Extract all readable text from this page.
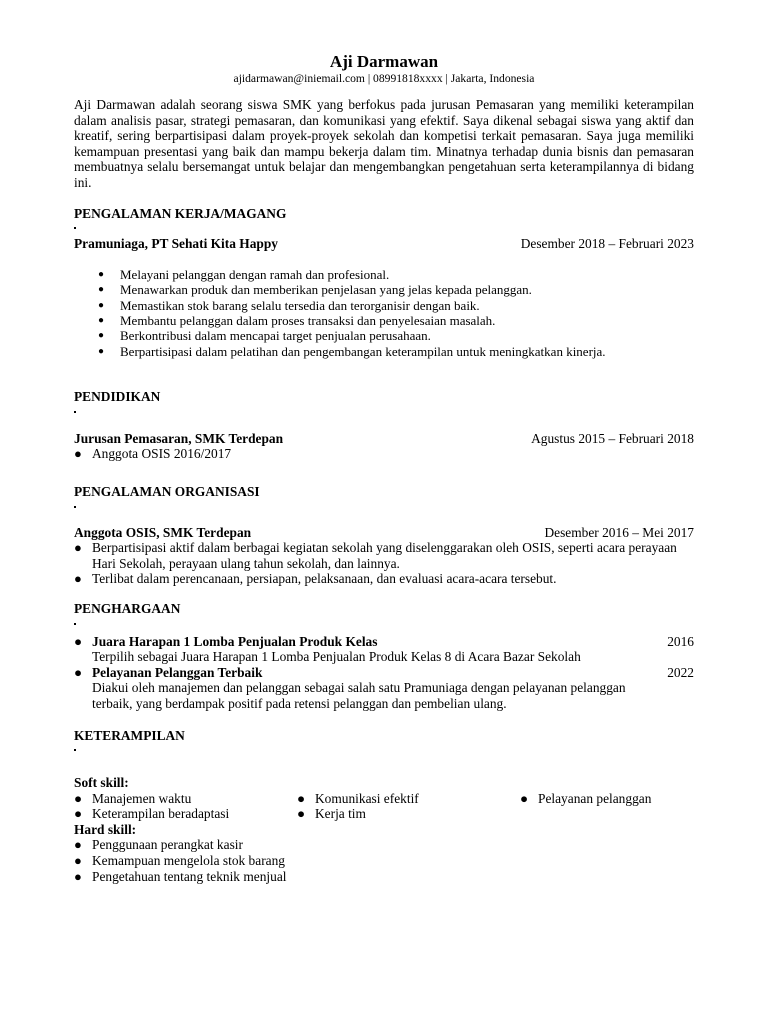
Aji Darmawan

ajidarmawan@iniemail.com | 08991818xxxx | Jakarta, Indonesia

Aji Darmawan adalah seorang siswa SMK yang berfokus pada jurusan Pemasaran yang memiliki keterampilan dalam analisis pasar, strategi pemasaran, dan komunikasi yang efektif. Saya dikenal sebagai siswa yang aktif dan kreatif, sering berpartisipasi dalam proyek-proyek sekolah dan kompetisi terkait pemasaran. Saya juga memiliki kemampuan presentasi yang baik dan mampu bekerja dalam tim. Minatnya terhadap dunia bisnis dan pemasaran membuatnya selalu bersemangat untuk belajar dan mengembangkan pengetahuan serta keterampilannya di bidang ini.

PENGALAMAN KERJA/MAGANG

Pramuniaga, PT Sehati Kita Happy	Desember 2018 – Februari 2023
● Melayani pelanggan dengan ramah dan profesional.
● Menawarkan produk dan memberikan penjelasan yang jelas kepada pelanggan.
● Memastikan stok barang selalu tersedia dan terorganisir dengan baik.
● Membantu pelanggan dalam proses transaksi dan penyelesaian masalah.
● Berkontribusi dalam mencapai target penjualan perusahaan.
● Berpartisipasi dalam pelatihan dan pengembangan keterampilan untuk meningkatkan kinerja.

PENDIDIKAN

Jurusan Pemasaran, SMK Terdepan	Agustus 2015 – Februari 2018
● Anggota OSIS 2016/2017

PENGALAMAN ORGANISASI

Anggota OSIS, SMK Terdepan	Desember 2016 – Mei 2017
● Berpartisipasi aktif dalam berbagai kegiatan sekolah yang diselenggarakan oleh OSIS, seperti acara perayaan Hari Sekolah, perayaan ulang tahun sekolah, dan lainnya.
● Terlibat dalam perencanaan, persiapan, pelaksanaan, dan evaluasi acara-acara tersebut.

PENGHARGAAN

● Juara Harapan 1 Lomba Penjualan Produk Kelas	2016
Terpilih sebagai Juara Harapan 1 Lomba Penjualan Produk Kelas 8 di Acara Bazar Sekolah
● Pelayanan Pelanggan Terbaik	2022
Diakui oleh manajemen dan pelanggan sebagai salah satu Pramuniaga dengan pelayanan pelanggan terbaik, yang berdampak positif pada retensi pelanggan dan pembelian ulang.

KETERAMPILAN

Soft skill:
● Manajemen waktu	● Komunikasi efektif	● Pelayanan pelanggan
● Keterampilan beradaptasi	● Kerja tim
Hard skill:
● Penggunaan perangkat kasir
● Kemampuan mengelola stok barang
● Pengetahuan tentang teknik menjual
